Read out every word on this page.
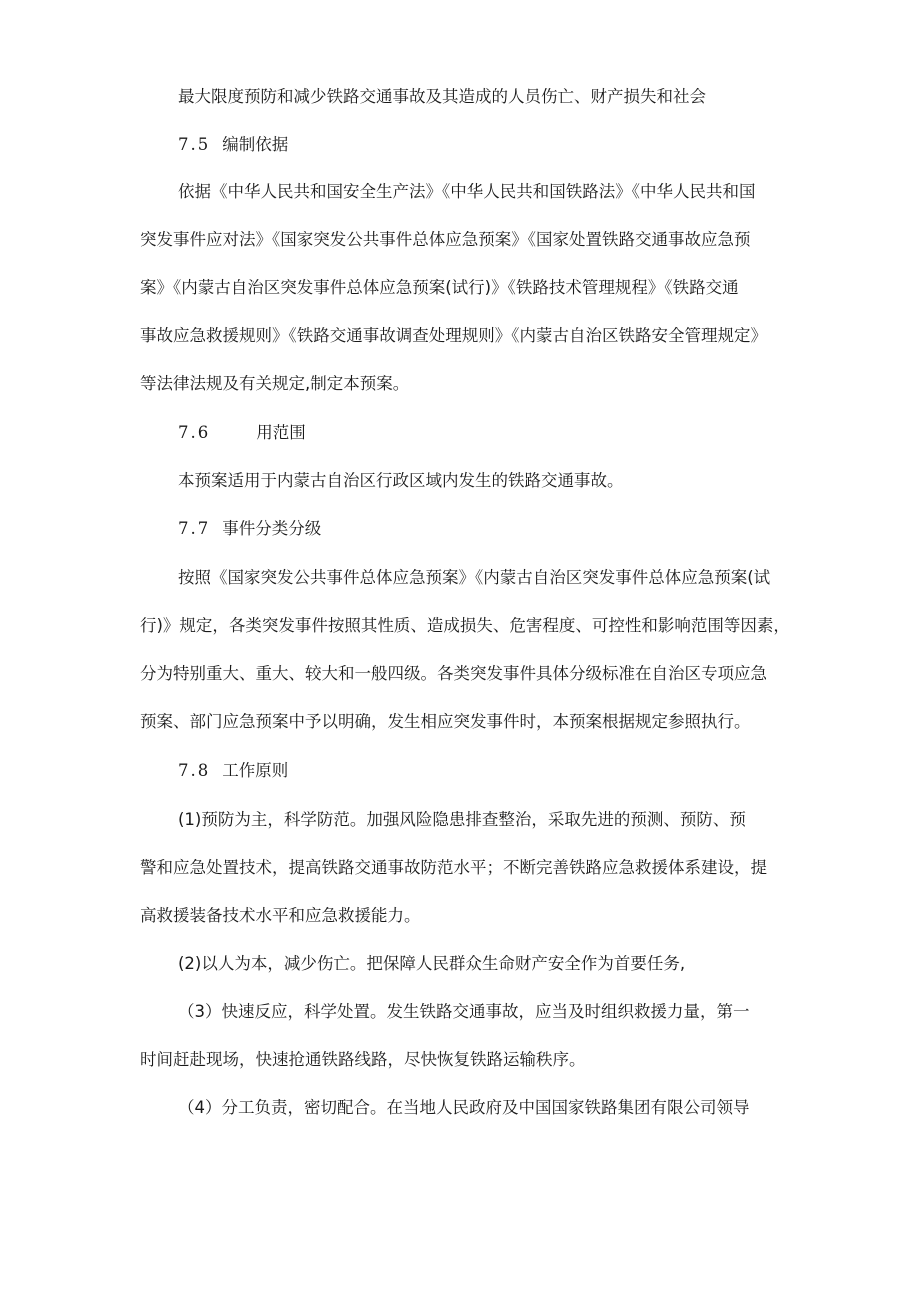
最大限度预防和减少铁路交通事故及其造成的人员伤亡、财产损失和社会
7.5 编制依据
依据《中华人民共和国安全生产法》《中华人民共和国铁路法》《中华人民共和国
突发事件应对法》《国家突发公共事件总体应急预案》《国家处置铁路交通事故应急预
案》《内蒙古自治区突发事件总体应急预案(试行)》《铁路技术管理规程》《铁路交通
事故应急救援规则》《铁路交通事故调查处理规则》《内蒙古自治区铁路安全管理规定》
等法律法规及有关规定,制定本预案。
7.6	用范围
本预案适用于内蒙古自治区行政区域内发生的铁路交通事故。
7.7 事件分类分级
按照《国家突发公共事件总体应急预案》《内蒙古自治区突发事件总体应急预案(试
行)》规定，各类突发事件按照其性质、造成损失、危害程度、可控性和影响范围等因素，
分为特别重大、重大、较大和一般四级。各类突发事件具体分级标准在自治区专项应急
预案、部门应急预案中予以明确，发生相应突发事件时，本预案根据规定参照执行。
7.8 工作原则
(1)预防为主，科学防范。加强风险隐患排查整治，采取先进的预测、预防、预
警和应急处置技术，提高铁路交通事故防范水平；不断完善铁路应急救援体系建设，提
高救援装备技术水平和应急救援能力。
(2)以人为本，减少伤亡。把保障人民群众生命财产安全作为首要任务,
（3）快速反应，科学处置。发生铁路交通事故，应当及时组织救援力量，第一
时间赶赴现场，快速抢通铁路线路，尽快恢复铁路运输秩序。
（4）分工负责，密切配合。在当地人民政府及中国国家铁路集团有限公司领导
